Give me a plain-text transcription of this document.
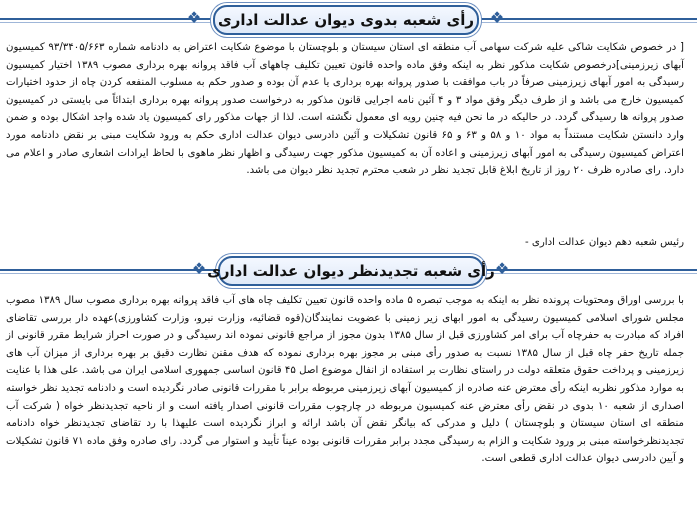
رأی شعبه بدوی دیوان عدالت اداری
❖	❖

[ در خصوص شکایت شاکی علیه شرکت سهامی آب منطقه ای استان سیستان و بلوچستان با موضوع شکایت اعتراض به دادنامه شماره ۹۳/۳۴۰۵/۶۶۳ کمیسیون آبهای زیرزمینی]درخصوص شکایت مذکور نظر به اینکه وفق ماده واحده قانون تعیین تکلیف چاههای آب فاقد پروانه بهره برداری مصوب ۱۳۸۹ اختیار کمیسیون رسیدگی به امور آبهای زیرزمینی صرفاً در باب موافقت با صدور پروانه بهره برداری یا عدم آن بوده و صدور حکم به مسلوب المنفعه کردن چاه از حدود اختیارات کمیسیون خارج می باشد و از طرف دیگر وفق مواد ۳ و ۴ آئین نامه اجرایی قانون مذکور به درخواست صدور پروانه بهره برداری ابتدائاً می بایستی در کمیسیون صدور پروانه ها رسیدگی گردد. در حالیکه در ما نحن فیه چنین رویه ای معمول نگشته است. لذا از جهات مذکور رای کمیسیون یاد شده واجد اشکال بوده و ضمن وارد دانستن شکایت مستنداً به مواد ۱۰ و ۵۸ و ۶۳ و ۶۵ قانون تشکیلات و آئین دادرسی دیوان عدالت اداری حکم به ورود شکایت مبنی بر نقض دادنامه مورد اعتراض کمیسیون رسیدگی به امور آبهای زیرزمینی و اعاده آن به کمیسیون مذکور جهت رسیدگی و اظهار نظر ماهوی با لحاظ ایرادات اشعاری صادر و اعلام می دارد. رای صادره ظرف ۲۰ روز از تاریخ ابلاغ قابل تجدید نظر در شعب محترم تجدید نظر دیوان می باشد.

رئیس شعبه دهم دیوان عدالت اداری -
رأی شعبه تجدیدنظر دیوان عدالت اداری
❖	❖

با بررسی اوراق ومحتویات پرونده نظر به اینکه به موجب تبصره ۵ ماده واحده قانون تعیین تکلیف چاه های آب فاقد پروانه بهره برداری مصوب سال ۱۳۸۹ مصوب مجلس شورای اسلامی کمیسیون رسیدگی به امور ابهای زیر زمینی با عضویت نمایندگان(قوه قضائیه، وزارت نیرو، وزارت کشاورزی)عهده دار بررسی تقاضای افراد که مبادرت به حفرچاه آب برای امر کشاورزی قبل از سال ۱۳۸۵ بدون مجوز از مراجع قانونی نموده اند رسیدگی و در صورت احراز شرایط مقرر قانونی از جمله تاریخ حفر چاه قبل از سال ۱۳۸۵ نسبت به صدور رأی مبنی بر مجوز بهره برداری نموده که هدف مقنن نظارت دقیق بر بهره برداری از میزان آب های زیرزمینی و پرداخت حقوق متعلقه دولت در راستای نظارت بر استفاده از انفال موضوع اصل ۴۵ قانون اساسی جمهوری اسلامی ایران می باشد. علی هذا با عنایت به موارد مذکور نظربه اینکه رأی معترض عنه صادره از کمیسیون آبهای زیرزمینی مربوطه برابر با مقررات قانونی صادر نگردیده است و دادنامه تجدید نظر خواسته اصداری از شعبه ۱۰ بدوی در نقض رأی معترض عنه کمیسیون مربوطه در چارچوب مقررات قانونی اصدار یافته است و از ناحیه تجدیدنظر خواه ( شرکت آب منطقه ای استان سیستان و بلوچستان ) دلیل و مدرکی که بیانگر نقض آن باشد ارائه و ابراز نگردیده است علیهذا با رد تقاضای تجدیدنظر خواه دادنامه تجدیدنظرخواسته مبنی بر ورود شکایت و الزام به رسیدگی مجدد برابر مقررات قانونی بوده عیناً تأیید و استوار می گردد. رای صادره وفق ماده ۷۱ قانون تشکیلات و آیین دادرسی دیوان عدالت اداری قطعی است.
